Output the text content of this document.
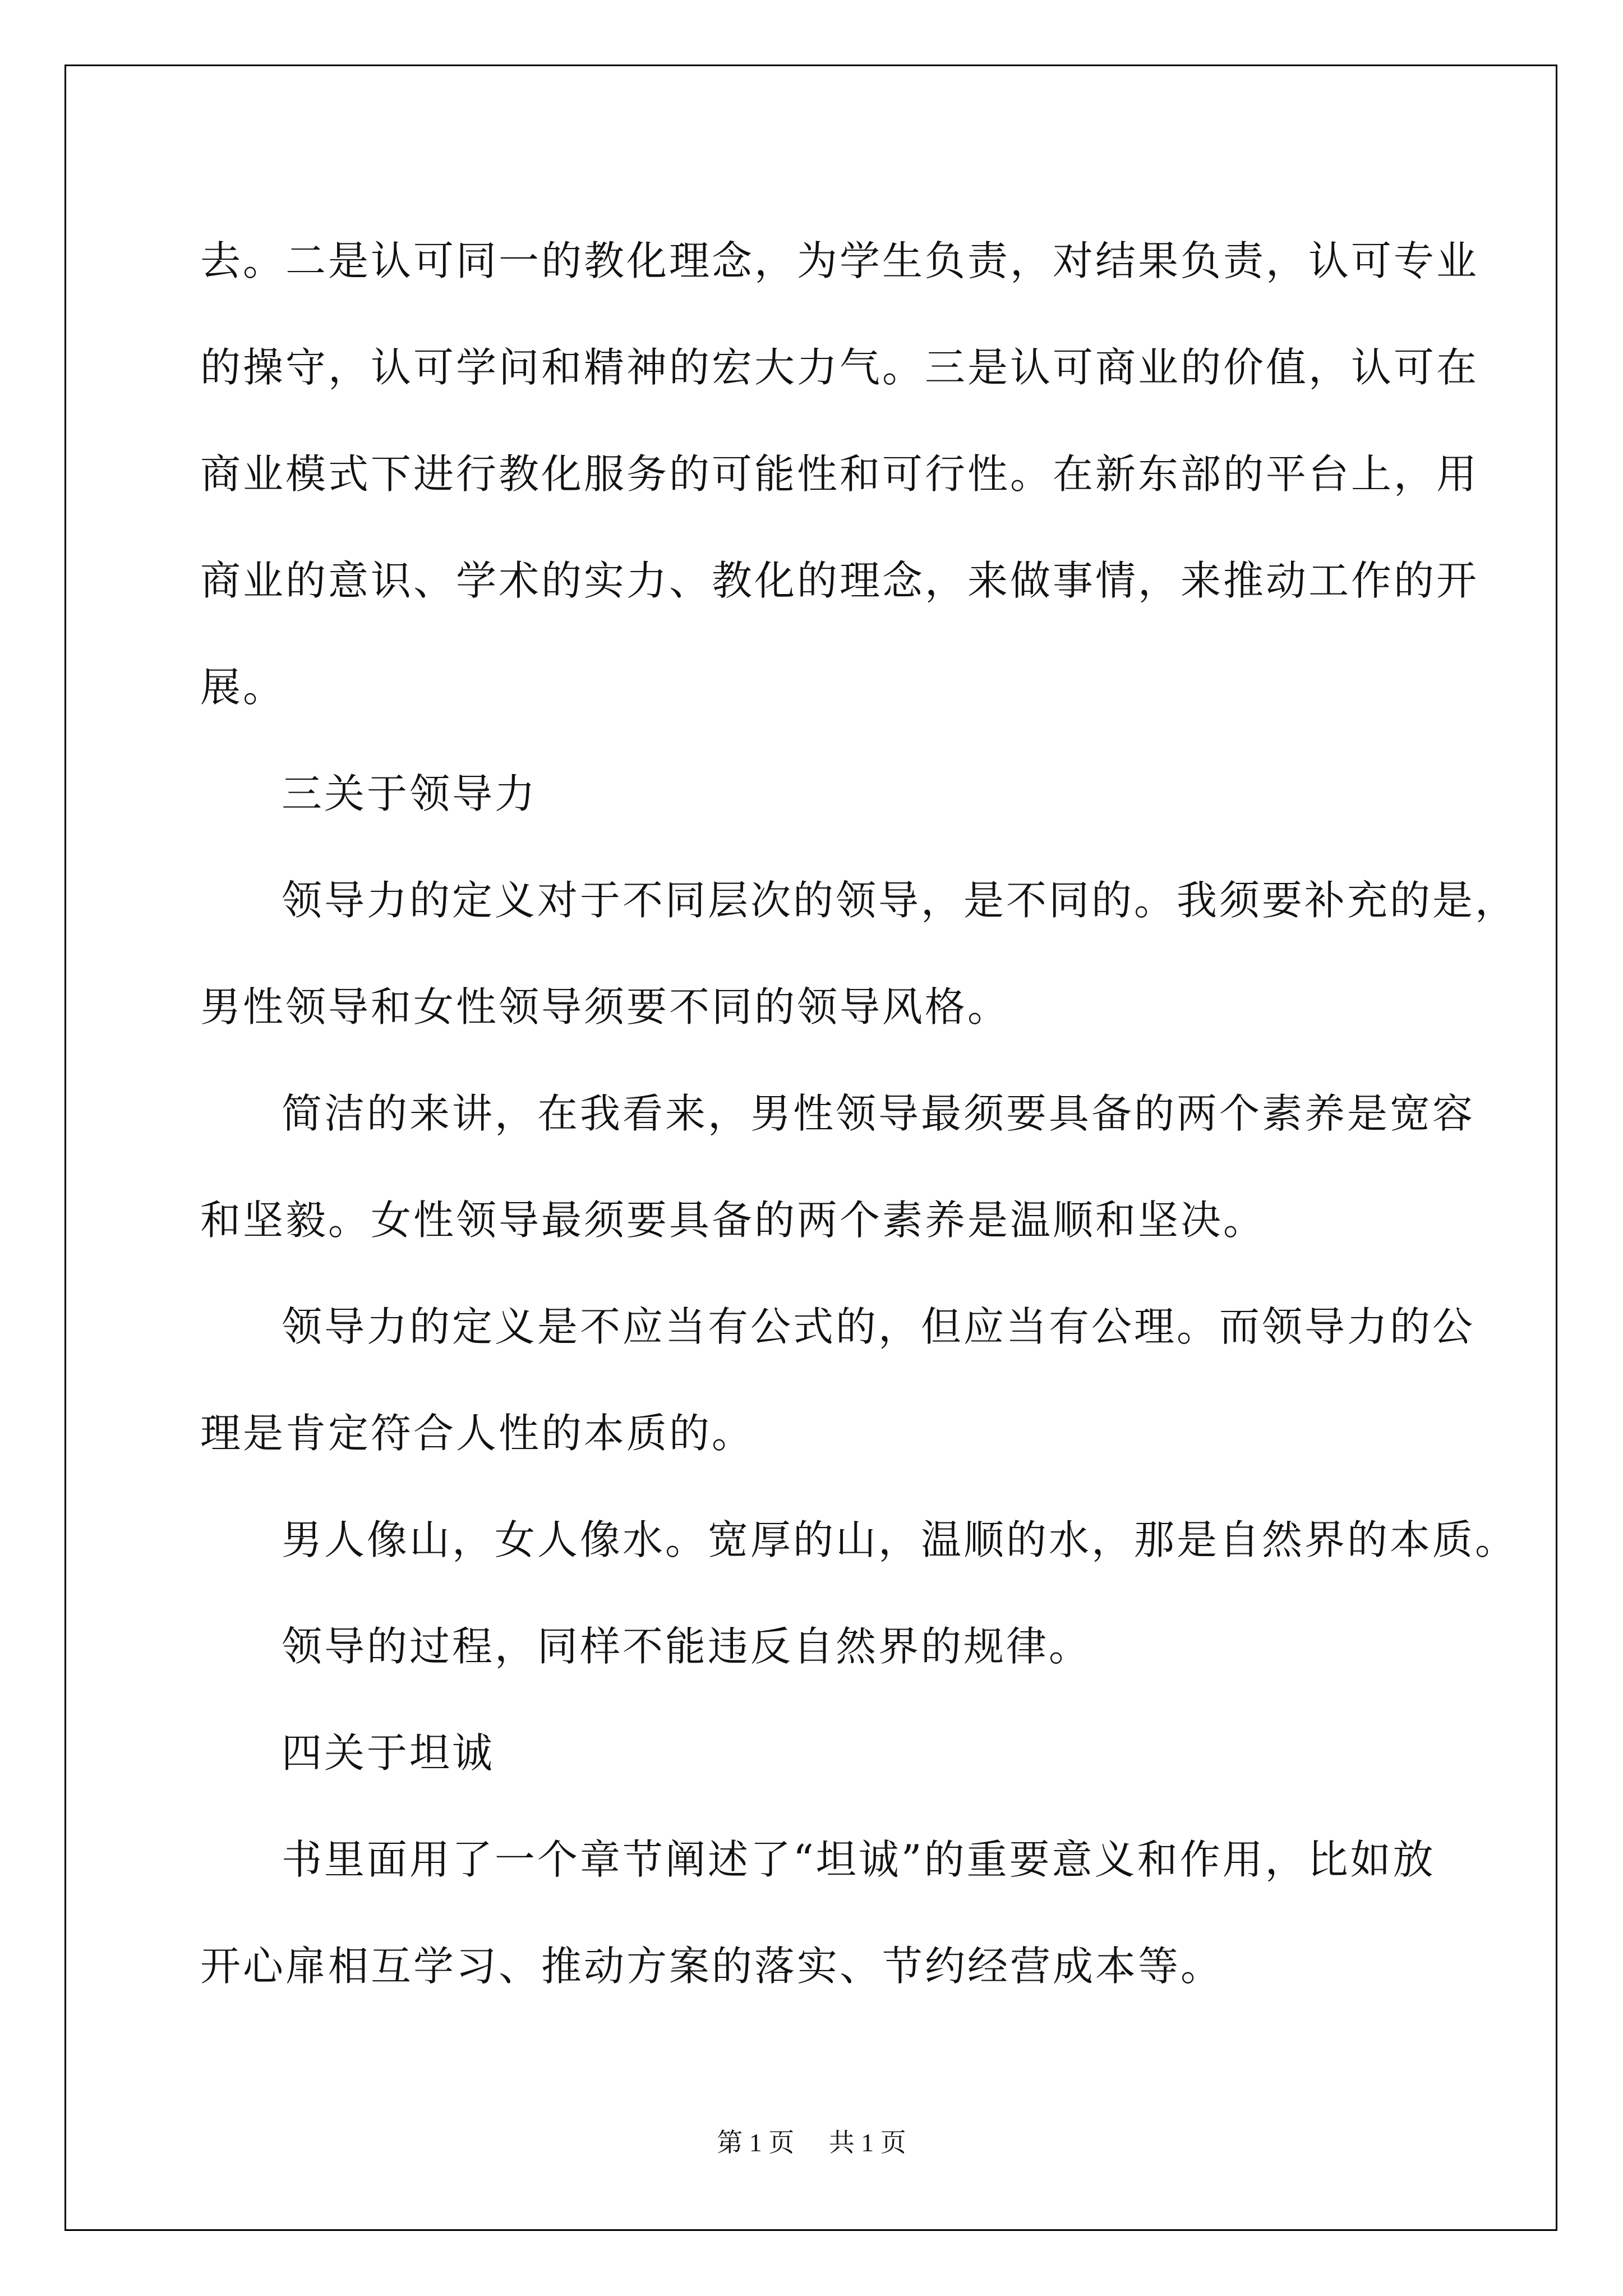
去。二是认可同一的教化理念，为学生负责，对结果负责，认可专业
的操守，认可学问和精神的宏大力气。三是认可商业的价值，认可在
商业模式下进行教化服务的可能性和可行性。在新东部的平台上，用
商业的意识、学术的实力、教化的理念，来做事情，来推动工作的开
展。
三关于领导力
领导力的定义对于不同层次的领导，是不同的。我须要补充的是，
男性领导和女性领导须要不同的领导风格。
简洁的来讲，在我看来，男性领导最须要具备的两个素养是宽容
和坚毅。女性领导最须要具备的两个素养是温顺和坚决。
领导力的定义是不应当有公式的，但应当有公理。而领导力的公
理是肯定符合人性的本质的。
男人像山，女人像水。宽厚的山，温顺的水，那是自然界的本质。
领导的过程，同样不能违反自然界的规律。
四关于坦诚
书里面用了一个章节阐述了“坦诚”的重要意义和作用，比如放
开心扉相互学习、推动方案的落实、节约经营成本等。
第 1 页 共 1 页
